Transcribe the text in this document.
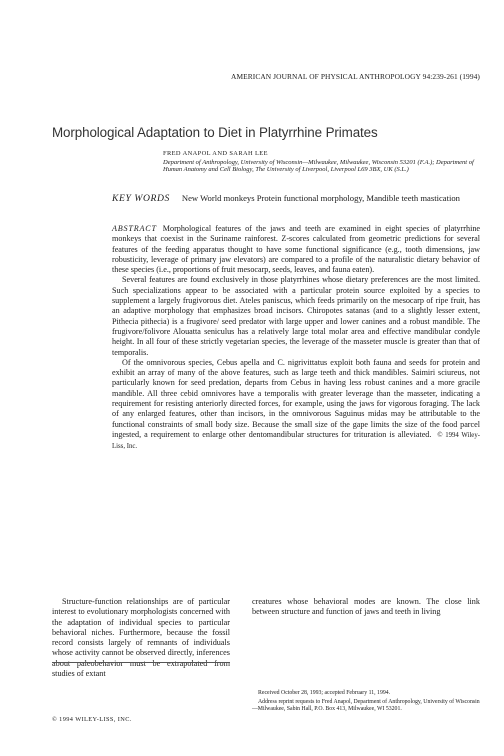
AMERICAN JOURNAL OF PHYSICAL ANTHROPOLOGY 94:239-261 (1994)
Morphological Adaptation to Diet in Platyrrhine Primates
FRED ANAPOL AND SARAH LEE
Department of Anthropology, University of Wisconsin—Milwaukee, Milwaukee, Wisconsin 53201 (F.A.); Department of Human Anatomy and Cell Biology, The University of Liverpool, Liverpool L69 3BX, UK (S.L.)
KEY WORDS New World monkeys Protein functional morphology, Mandible teeth mastication

ABSTRACT Morphological features of the jaws and teeth are examined in eight species of platyrrhine monkeys that coexist in the Suriname rainforest. Z-scores calculated from geometric predictions for several features of the feeding apparatus thought to have some functional significance (e.g., tooth dimensions, jaw robusticity, leverage of primary jaw elevators) are compared to a profile of the naturalistic dietary behavior of these species (i.e., proportions of fruit mesocarp, seeds, leaves, and fauna eaten).

Several features are found exclusively in those platyrrhines whose dietary preferences are the most limited. Such specializations appear to be associated with a particular protein source exploited by a species to supplement a largely frugivorous diet. Ateles paniscus, which feeds primarily on the mesocarp of ripe fruit, has an adaptive morphology that emphasizes broad incisors. Chiropotes satanas (and to a slightly lesser extent, Pithecia pithecia) is a frugivore/ seed predator with large upper and lower canines and a robust mandible. The frugivore/folivore Alouatta seniculus has a relatively large total molar area and effective mandibular condyle height. In all four of these strictly vegetarian species, the leverage of the masseter muscle is greater than that of temporalis.

Of the omnivorous species, Cebus apella and C. nigrivittatus exploit both fauna and seeds for protein and exhibit an array of many of the above features, such as large teeth and thick mandibles. Saimiri sciureus, not particularly known for seed predation, departs from Cebus in having less robust canines and a more gracile mandible. All three cebid omnivores have a temporalis with greater leverage than the masseter, indicating a requirement for resisting anteriorly directed forces, for example, using the jaws for vigorous foraging. The lack of any enlarged features, other than incisors, in the omnivorous Saguinus midas may be attributable to the functional constraints of small body size. Because the small size of the gape limits the size of the food parcel ingested, a requirement to enlarge other dentomandibular structures for trituration is alleviated. © 1994 Wiley-Liss, Inc.

Structure-function relationships are of particular interest to evolutionary morphologists concerned with the adaptation of individual species to particular behavioral niches. Furthermore, because the fossil record consists largely of remnants of individuals whose activity cannot be observed directly, inferences about paleobehavior must be extrapolated from studies of extant

creatures whose behavioral modes are known. The close link between structure and function of jaws and teeth in living

Received October 28, 1993; accepted February 11, 1994.

Address reprint requests to Fred Anapol, Department of Anthropology, University of Wisconsin—Milwaukee, Sabin Hall, P.O. Box 413, Milwaukee, WI 53201.

© 1994 WILEY-LISS, INC.
